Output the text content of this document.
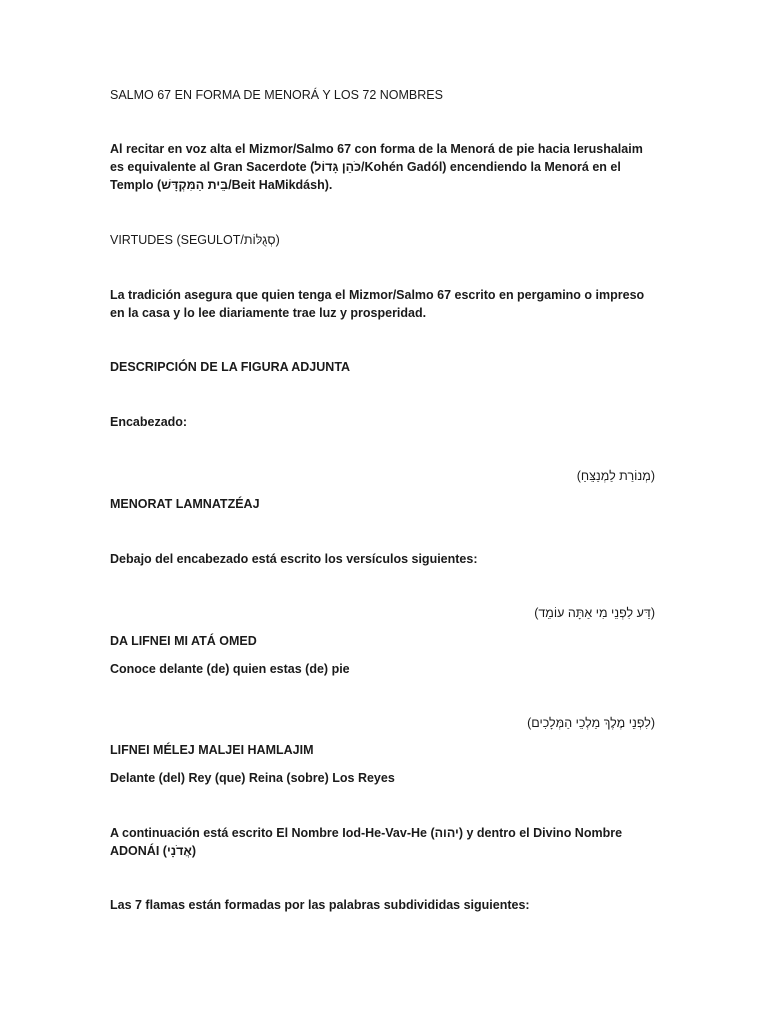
SALMO 67 EN FORMA DE MENORÁ Y LOS 72 NOMBRES

Al recitar en voz alta el Mizmor/Salmo 67 con forma de la Menorá de pie hacia Ierushalaim es equivalente al Gran Sacerdote (כֹּהֵן גָּדוֹל/Kohén Gadól) encendiendo la Menorá en el Templo (בֵּית הַמִּקְדָּשׁ/Beit HaMikdásh).

VIRTUDES (SEGULOT/סְגֻלּוֹת)

La tradición asegura que quien tenga el Mizmor/Salmo 67 escrito en pergamino o impreso en la casa y lo lee diariamente trae luz y prosperidad.

DESCRIPCIÓN DE LA FIGURA ADJUNTA

Encabezado:

(מְנוֹרַת לַמְנַצֵּחַ)

MENORAT LAMNATZÉAJ

Debajo del encabezado está escrito los versículos siguientes:

(דַּע לִפְנֵי מִי אַתָּה עוֹמֵד)

DA LIFNEI MI ATÁ OMED

Conoce delante (de) quien estas (de) pie

(לִפְנֵי מֶלֶךְ מַלְכֵי הַמְּלָכִים)

LIFNEI MÉLEJ MALJEI HAMLAJIM

Delante (del) Rey (que) Reina (sobre) Los Reyes

A continuación está escrito El Nombre Iod-He-Vav-He (יהוה) y dentro el Divino Nombre ADONÁI (אֲדֹנָי)

Las 7 flamas están formadas por las palabras subdivididas siguientes:
